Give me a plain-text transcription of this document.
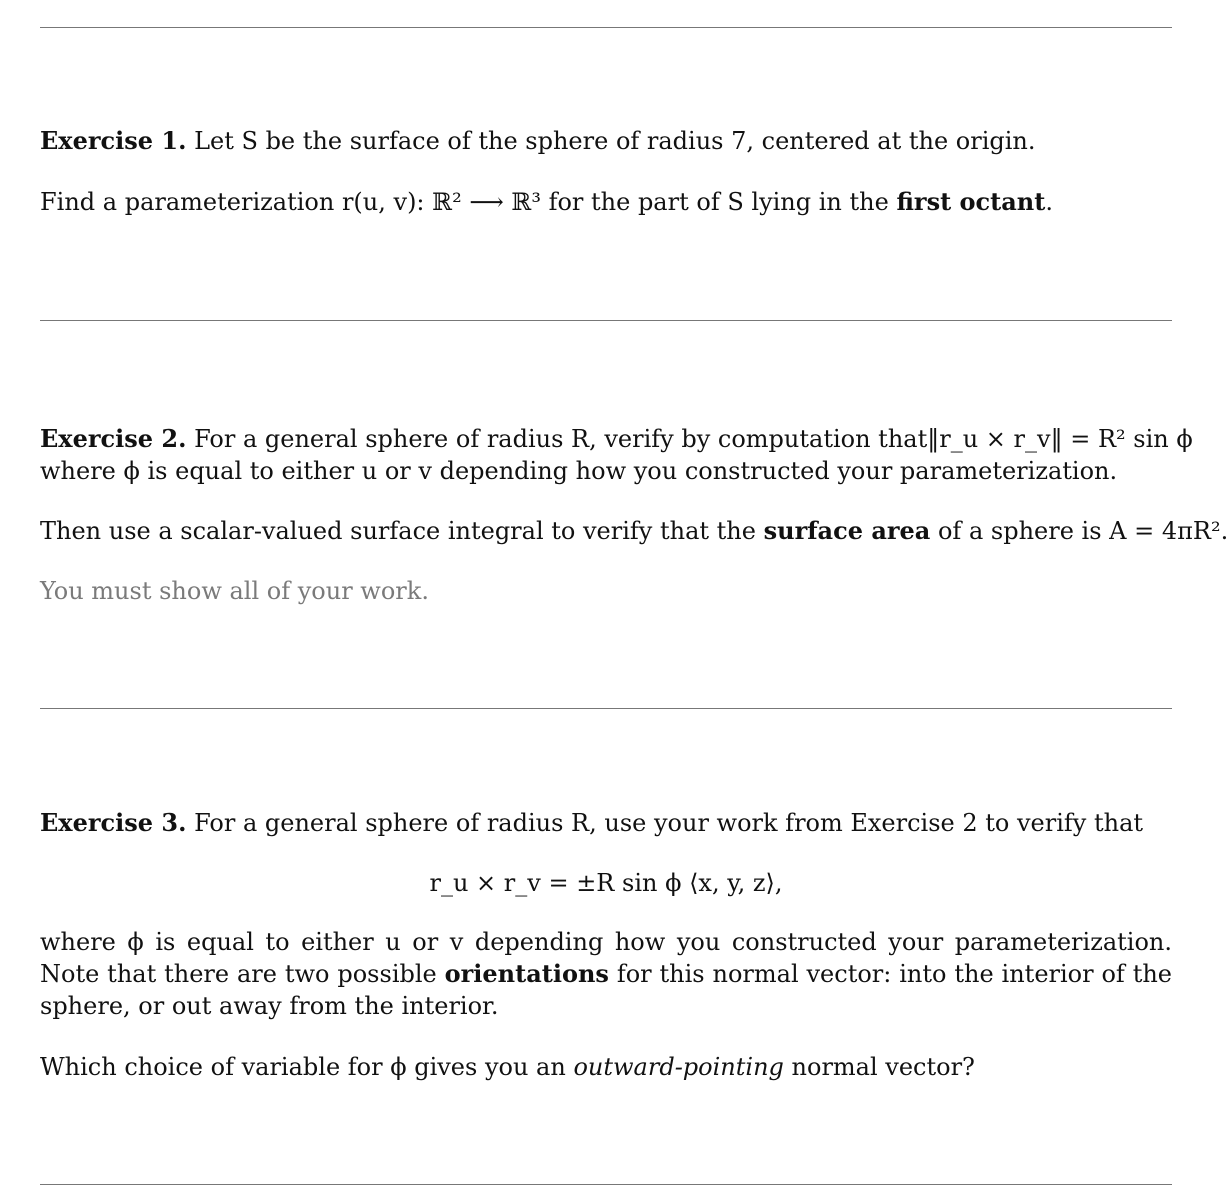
Exercise 1. Let S be the surface of the sphere of radius 7, centered at the origin.
Find a parameterization r(u, v): ℝ² ⟶ ℝ³ for the part of S lying in the first octant.
Exercise 2. For a general sphere of radius R, verify by computation that ‖r_u × r_v‖ = R² sin ϕ
where ϕ is equal to either u or v depending how you constructed your parameterization.
Then use a scalar-valued surface integral to verify that the surface area of a sphere is A = 4πR².
You must show all of your work.
Exercise 3. For a general sphere of radius R, use your work from Exercise 2 to verify that
r_u × r_v = ±R sin ϕ ⟨x, y, z⟩,
where ϕ is equal to either u or v depending how you constructed your parameterization. Note that there are two possible orientations for this normal vector: into the interior of the sphere, or out away from the interior.
Which choice of variable for ϕ gives you an outward-pointing normal vector?
